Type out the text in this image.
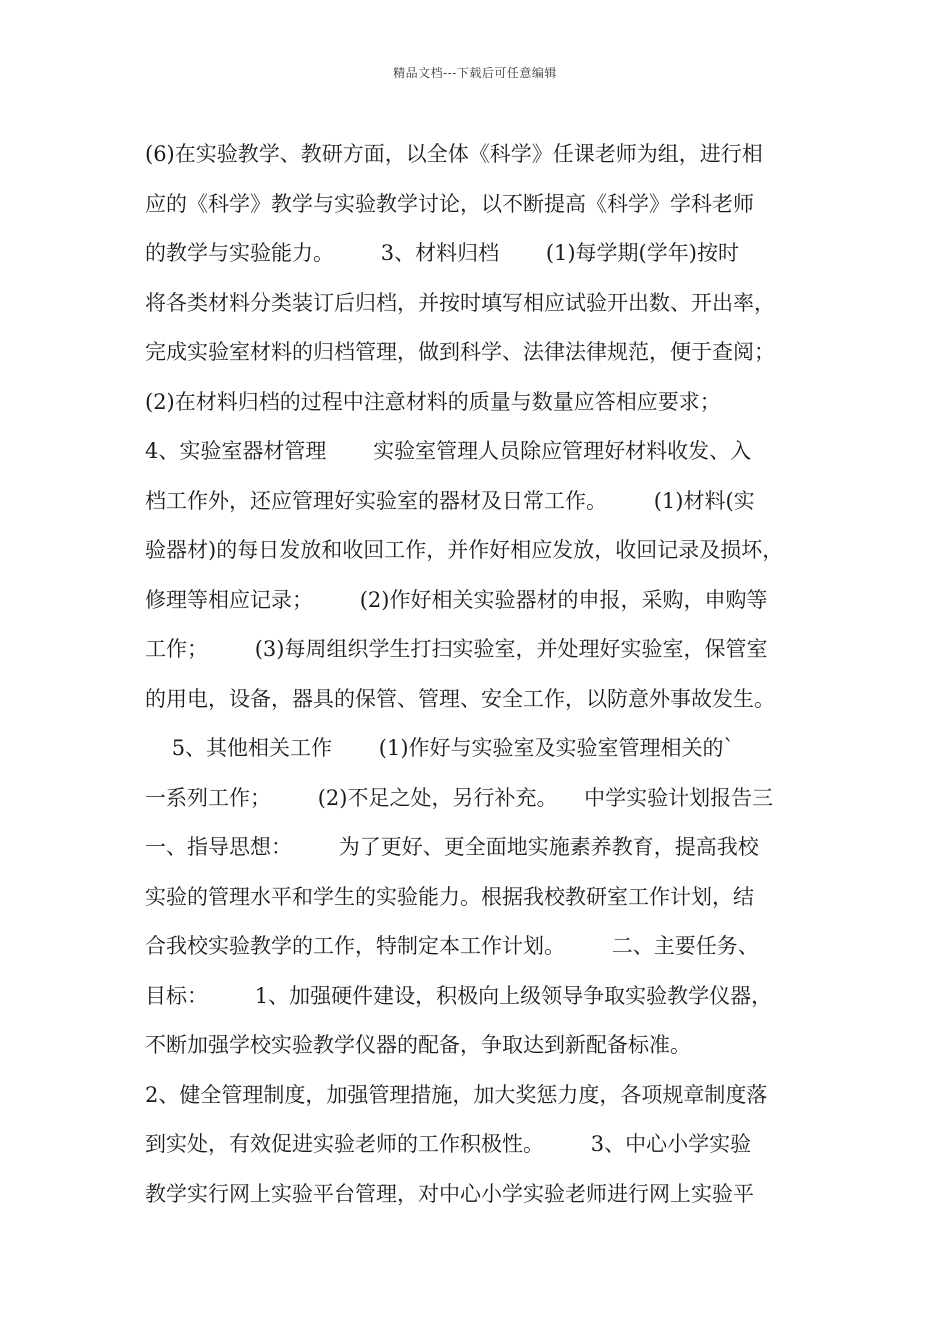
精品文档---下载后可任意编辑
(6)在实验教学、教研方面，以全体《科学》任课老师为组，进行相
应的《科学》教学与实验教学讨论，以不断提高《科学》学科老师
的教学与实验能力。       3、材料归档       (1)每学期(学年)按时
将各类材料分类装订后归档，并按时填写相应试验开出数、开出率，
完成实验室材料的归档管理，做到科学、法律法律规范，便于查阅；
(2)在材料归档的过程中注意材料的质量与数量应答相应要求；
4、实验室器材管理       实验室管理人员除应管理好材料收发、入
档工作外，还应管理好实验室的器材及日常工作。       (1)材料(实
验器材)的每日发放和收回工作，并作好相应发放，收回记录及损坏，
修理等相应记录；       (2)作好相关实验器材的申报，采购，申购等
工作；       (3)每周组织学生打扫实验室，并处理好实验室，保管室
的用电，设备，器具的保管、管理、安全工作，以防意外事故发生。
5、其他相关工作       (1)作好与实验室及实验室管理相关的`
一系列工作；       (2)不足之处，另行补充。    中学实验计划报告三
一、指导思想：       为了更好、更全面地实施素养教育，提高我校
实验的管理水平和学生的实验能力。根据我校教研室工作计划，结
合我校实验教学的工作，特制定本工作计划。       二、主要任务、
目标：       1、加强硬件建设，积极向上级领导争取实验教学仪器，
不断加强学校实验教学仪器的配备，争取达到新配备标准。
2、健全管理制度，加强管理措施，加大奖惩力度，各项规章制度落
到实处，有效促进实验老师的工作积极性。       3、中心小学实验
教学实行网上实验平台管理，对中心小学实验老师进行网上实验平
